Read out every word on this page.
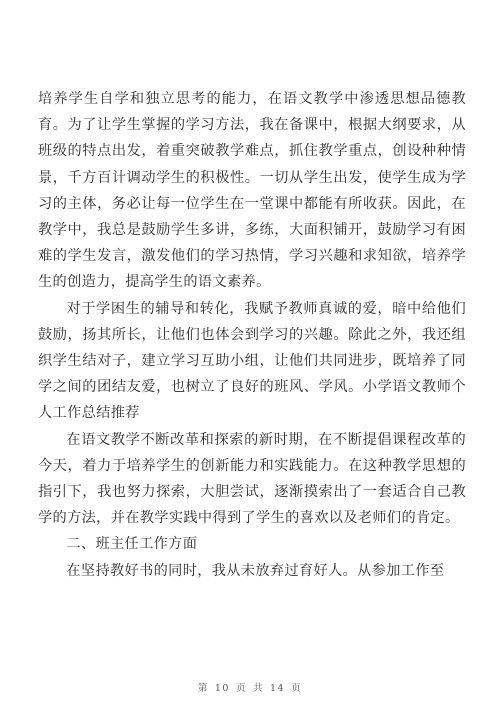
培养学生自学和独立思考的能力，在语文教学中渗透思想品德教育。为了让学生掌握的学习方法，我在备课中，根据大纲要求，从班级的特点出发，着重突破教学难点，抓住教学重点，创设种种情景，千方百计调动学生的积极性。一切从学生出发，使学生成为学习的主体，务必让每一位学生在一堂课中都能有所收获。因此，在教学中，我总是鼓励学生多讲，多练，大面积铺开，鼓励学习有困难的学生发言，激发他们的学习热情，学习兴趣和求知欲，培养学生的创造力，提高学生的语文素养。

对于学困生的辅导和转化，我赋予教师真诚的爱，暗中给他们鼓励，扬其所长，让他们也体会到学习的兴趣。除此之外，我还组织学生结对子，建立学习互助小组，让他们共同进步，既培养了同学之间的团结友爱，也树立了良好的班风、学风。小学语文教师个人工作总结推荐

在语文教学不断改革和探索的新时期，在不断提倡课程改革的今天，着力于培养学生的创新能力和实践能力。在这种教学思想的指引下，我也努力探索，大胆尝试，逐渐摸索出了一套适合自己教学的方法，并在教学实践中得到了学生的喜欢以及老师们的肯定。

二、班主任工作方面

在坚持教好书的同时，我从未放弃过育好人。从参加工作至

第 10 页 共 14 页
